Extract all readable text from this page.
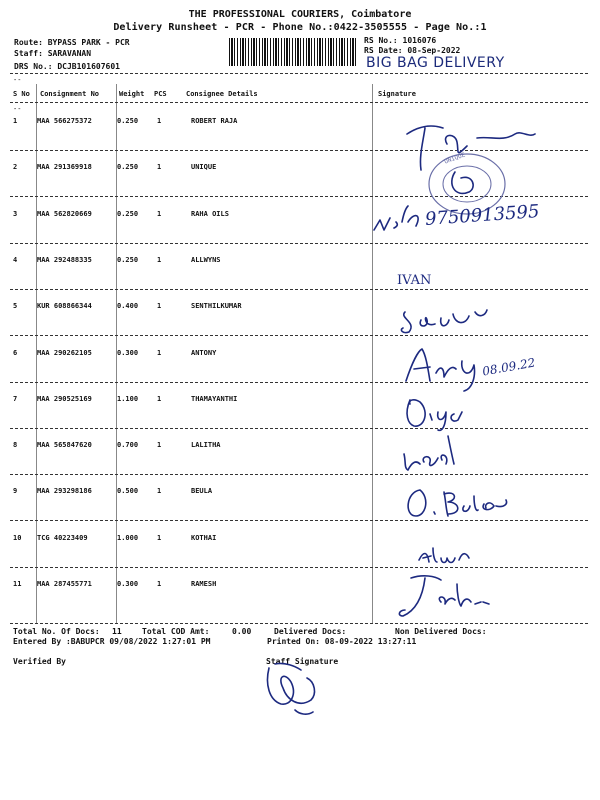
THE PROFESSIONAL COURIERS, Coimbatore
Delivery Runsheet - PCR - Phone No.:0422-3505555 - Page No.:1
Route: BYPASS PARK - PCR
Staff: SARAVANAN
DRS No.: DCJB101607601
RS No.: 1016076
RS Date: 08-Sep-2022
BIG BAG DELIVERY
--
S No Consignment No	Weight PCS	Consignee Details	Signature
--
1	MAA 566275372	0.250	1	ROBERT RAJA
2	MAA 291369918	0.250	1	UNIQUE
3	MAA 562820669	0.250	1	RAHA OILS
4	MAA 292488335	0.250	1	ALLWYNS
5	KUR 608866344	0.400	1	SENTHILKUMAR
6	MAA 290262105	0.300	1	ANTONY
7	MAA 290525169	1.100	1	THAMAYANTHI
8	MAA 565847620	0.700	1	LALITHA
9	MAA 293298186	0.500	1	BEULA
10 TCG 40223409	1.000	1	KOTHAI
11 MAA 287455771	0.300	1	RAMESH
UNIQUE
9750913595
IVAN
08.09.22
Total No. Of Docs: 11	Total COD Amt:	0.00	Delivered Docs:	Non Delivered Docs:
Entered By :BABUPCR 09/08/2022 1:27:01 PM	Printed On: 08-09-2022 13:27:11
Verified By	Staff Signature
